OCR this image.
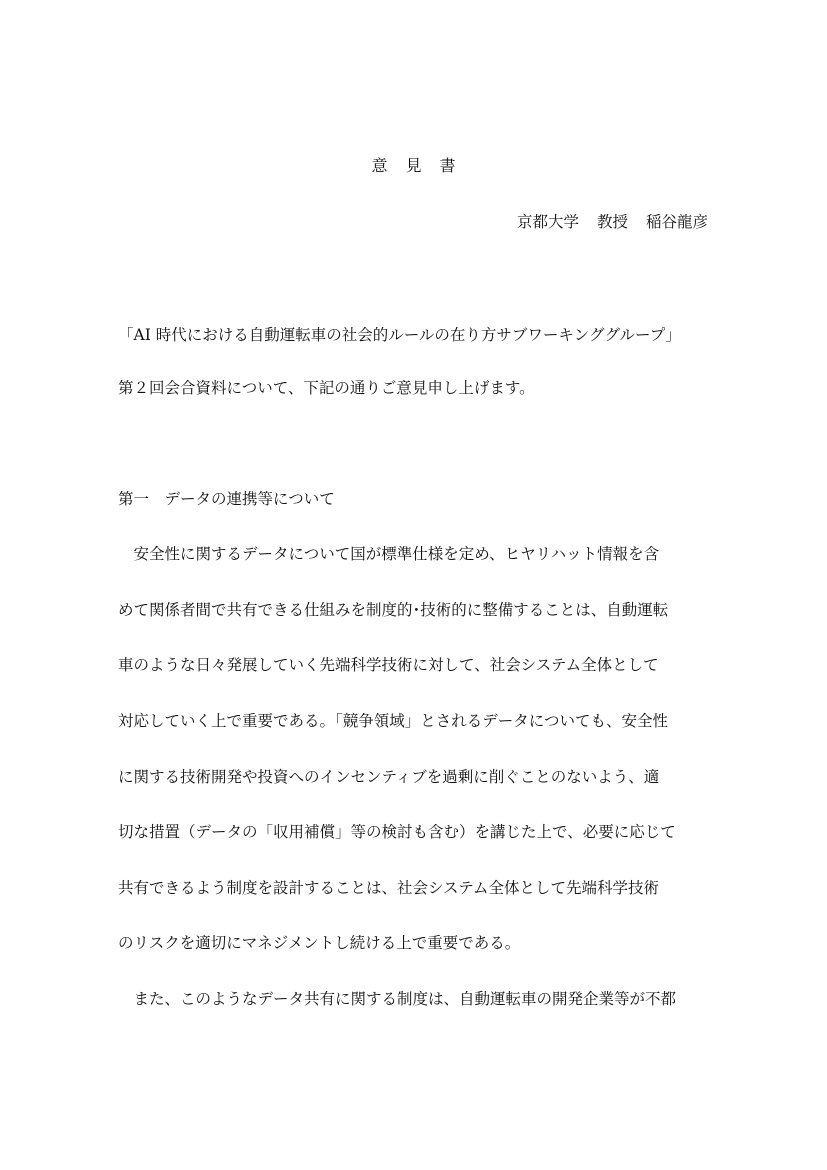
意 見 書
京都大学 教授 稲谷龍彦
「AI 時代における自動運転車の社会的ルールの在り方サブワーキンググループ」
第２回会合資料について、下記の通りご意見申し上げます。
第一　データの連携等について
安全性に関するデータについて国が標準仕様を定め、ヒヤリハット情報を含
めて関係者間で共有できる仕組みを制度的･技術的に整備することは、自動運転
車のような日々発展していく先端科学技術に対して、社会システム全体として
対応していく上で重要である。「競争領域」とされるデータについても、安全性
に関する技術開発や投資へのインセンティブを過剰に削ぐことのないよう、適
切な措置（データの「収用補償」等の検討も含む）を講じた上で、必要に応じて
共有できるよう制度を設計することは、社会システム全体として先端科学技術
のリスクを適切にマネジメントし続ける上で重要である。
また、このようなデータ共有に関する制度は、自動運転車の開発企業等が不都
